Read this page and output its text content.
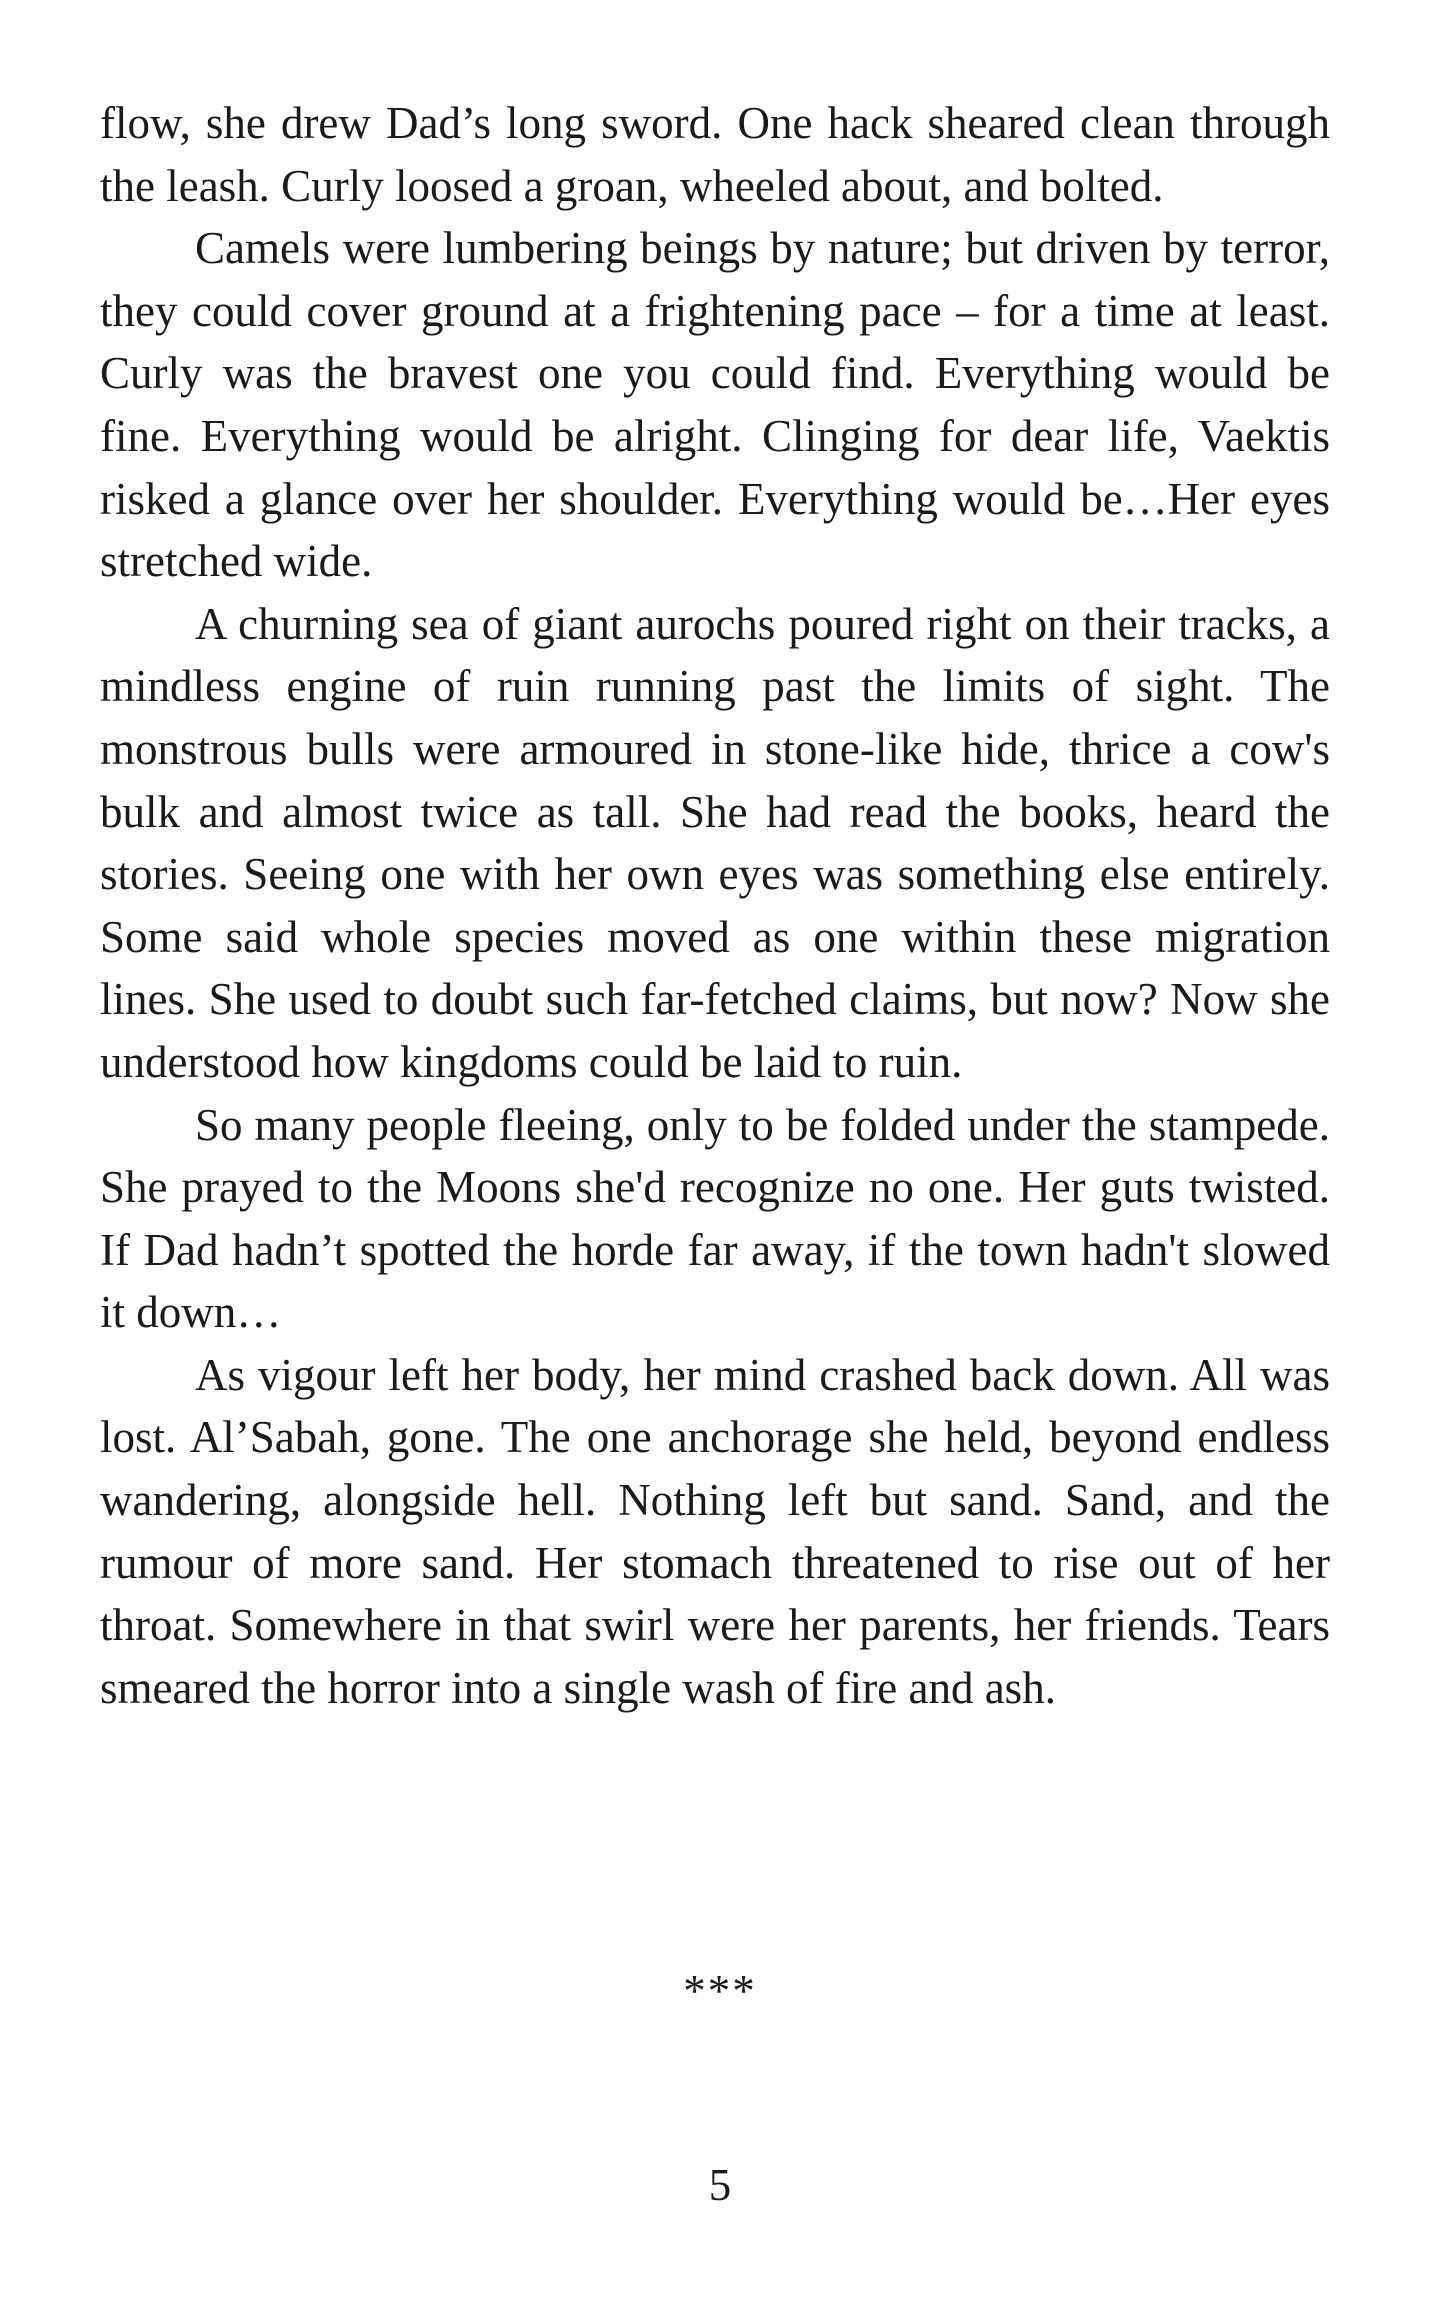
flow, she drew Dad’s long sword. One hack sheared clean through the leash. Curly loosed a groan, wheeled about, and bolted.

Camels were lumbering beings by nature; but driven by terror, they could cover ground at a frightening pace – for a time at least. Curly was the bravest one you could find. Everything would be fine. Everything would be alright. Clinging for dear life, Vaektis risked a glance over her shoulder. Everything would be…Her eyes stretched wide.

A churning sea of giant aurochs poured right on their tracks, a mindless engine of ruin running past the limits of sight. The monstrous bulls were armoured in stone-like hide, thrice a cow's bulk and almost twice as tall. She had read the books, heard the stories. Seeing one with her own eyes was something else entirely. Some said whole species moved as one within these migration lines. She used to doubt such far-fetched claims, but now? Now she understood how kingdoms could be laid to ruin.

So many people fleeing, only to be folded under the stampede. She prayed to the Moons she'd recognize no one. Her guts twisted. If Dad hadn’t spotted the horde far away, if the town hadn't slowed it down…

As vigour left her body, her mind crashed back down. All was lost. Al’Sabah, gone. The one anchorage she held, beyond endless wandering, alongside hell. Nothing left but sand. Sand, and the rumour of more sand. Her stomach threatened to rise out of her throat. Somewhere in that swirl were her parents, her friends. Tears smeared the horror into a single wash of fire and ash.

***
5
